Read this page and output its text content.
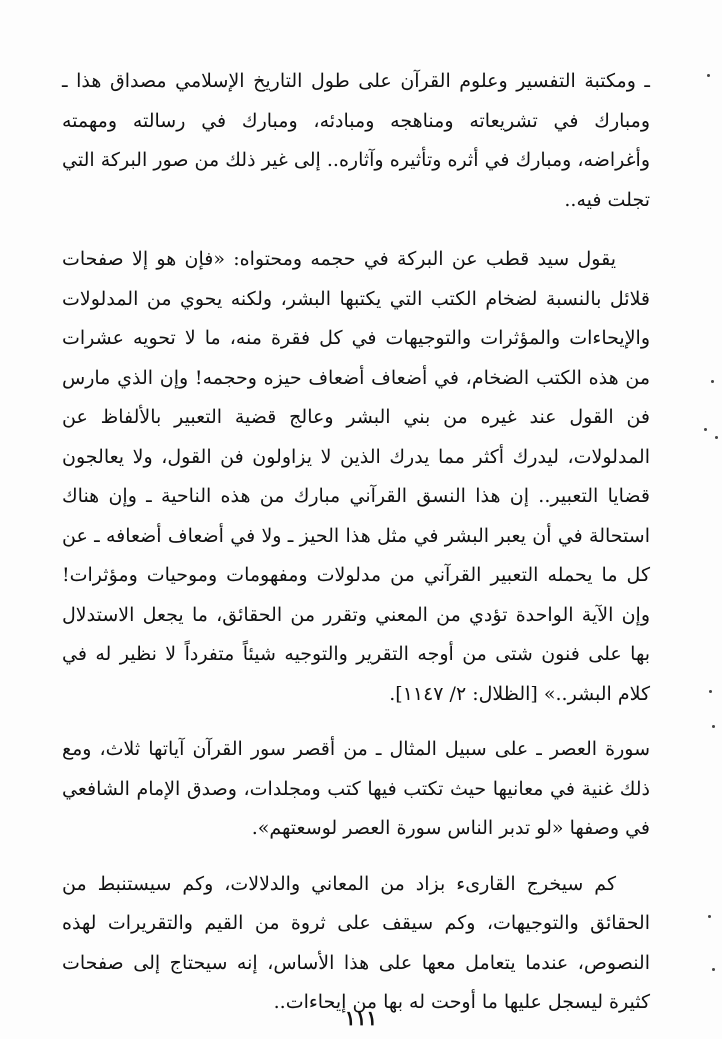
ـ ومكتبة التفسير وعلوم القرآن على طول التاريخ الإسلامي مصداق هذا ـ ومبارك في تشريعاته ومناهجه ومبادئه، ومبارك في رسالته ومهمته وأغراضه، ومبارك في أثره وتأثيره وآثاره.. إلى غير ذلك من صور البركة التي تجلت فيه..

يقول سيد قطب عن البركة في حجمه ومحتواه: «فإن هو إلا صفحات قلائل بالنسبة لضخام الكتب التي يكتبها البشر، ولكنه يحوي من المدلولات والإيحاءات والمؤثرات والتوجيهات في كل فقرة منه، ما لا تحويه عشرات من هذه الكتب الضخام، في أضعاف أضعاف حيزه وحجمه! وإن الذي مارس فن القول عند غيره من بني البشر وعالج قضية التعبير بالألفاظ عن المدلولات، ليدرك أكثر مما يدرك الذين لا يزاولون فن القول، ولا يعالجون قضايا التعبير.. إن هذا النسق القرآني مبارك من هذه الناحية ـ وإن هناك استحالة في أن يعبر البشر في مثل هذا الحيز ـ ولا في أضعاف أضعافه ـ عن كل ما يحمله التعبير القرآني من مدلولات ومفهومات وموحيات ومؤثرات! وإن الآية الواحدة تؤدي من المعني وتقرر من الحقائق، ما يجعل الاستدلال بها على فنون شتى من أوجه التقرير والتوجيه شيئاً متفرداً لا نظير له في كلام البشر..» [الظلال: ٢/ ١١٤٧].

سورة العصر ـ على سبيل المثال ـ من أقصر سور القرآن آياتها ثلاث، ومع ذلك غنية في معانيها حيث تكتب فيها كتب ومجلدات، وصدق الإمام الشافعي في وصفها «لو تدبر الناس سورة العصر لوسعتهم».

كم سيخرج القارىء بزاد من المعاني والدلالات، وكم سيستنبط من الحقائق والتوجيهات، وكم سيقف على ثروة من القيم والتقريرات لهذه النصوص، عندما يتعامل معها على هذا الأساس، إنه سيحتاج إلى صفحات كثيرة ليسجل عليها ما أوحت له بها من إيحاءات..

١١١
